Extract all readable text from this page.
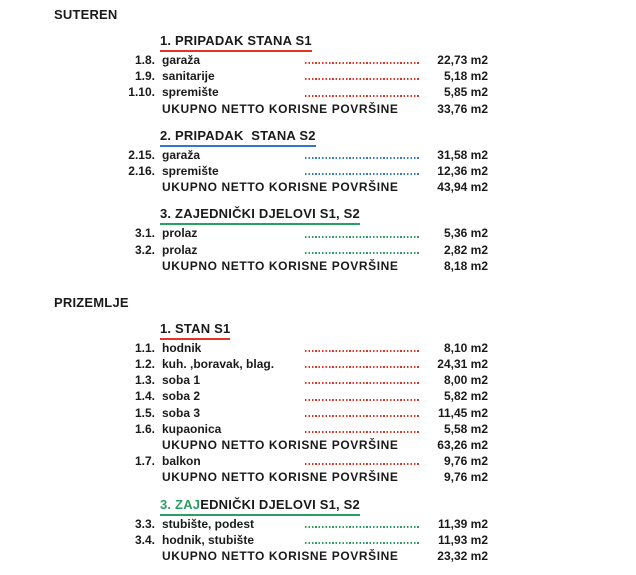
SUTEREN
1. PRIPADAK STANA S1
1.8. garaža	22,73 m2
1.9. sanitarije	5,18 m2
1.10. spremište	5,85 m2
UKUPNO NETTO KORISNE POVRŠINE	33,76 m2
2. PRIPADAK  STANA S2
2.15. garaža	31,58 m2
2.16. spremište	12,36 m2
UKUPNO NETTO KORISNE POVRŠINE	43,94 m2
3. ZAJEDNIČKI DJELOVI S1, S2
3.1. prolaz	5,36 m2
3.2. prolaz	2,82 m2
UKUPNO NETTO KORISNE POVRŠINE	8,18 m2
PRIZEMLJE
1. STAN S1
1.1. hodnik	8,10 m2
1.2. kuh. ,boravak, blag.	24,31 m2
1.3. soba 1	8,00 m2
1.4. soba 2	5,82 m2
1.5. soba 3	11,45 m2
1.6. kupaonica	5,58 m2
UKUPNO NETTO KORISNE POVRŠINE	63,26 m2
1.7. balkon	9,76 m2
UKUPNO NETTO KORISNE POVRŠINE	9,76 m2
3. ZAJEDNIČKI DJELOVI S1, S2
3.3. stubište, podest	11,39 m2
3.4. hodnik, stubište	11,93 m2
UKUPNO NETTO KORISNE POVRŠINE	23,32 m2
